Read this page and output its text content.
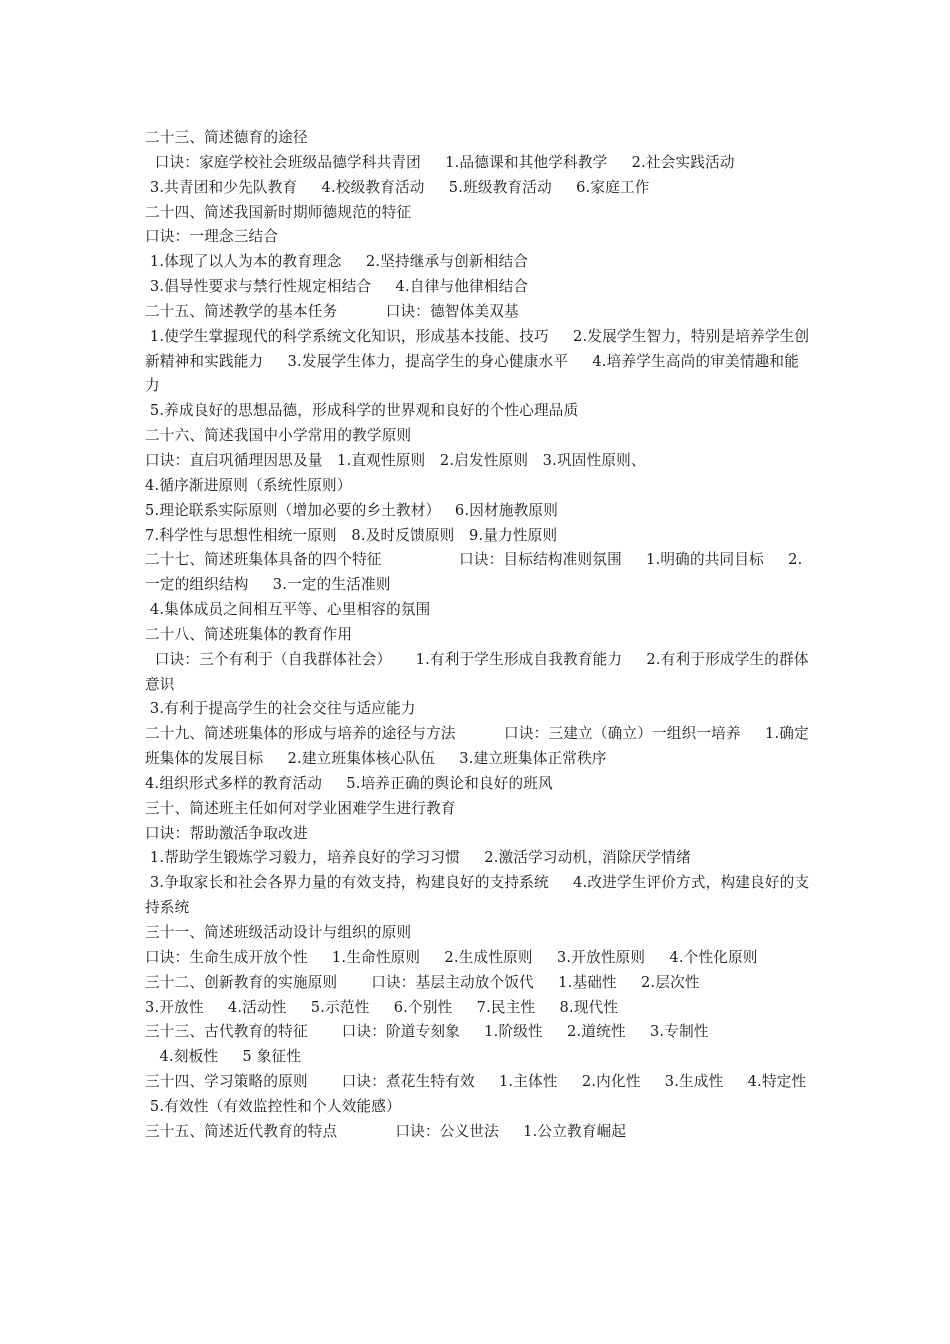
二十三、简述德育的途径

口诀：家庭学校社会班级品德学科共青团     1.品德课和其他学科教学     2.社会实践活动

3.共青团和少先队教育     4.校级教育活动     5.班级教育活动     6.家庭工作

二十四、简述我国新时期师德规范的特征

口诀：一理念三结合

1.体现了以人为本的教育理念     2.坚持继承与创新相结合

3.倡导性要求与禁行性规定相结合     4.自律与他律相结合

二十五、简述教学的基本任务          口诀：德智体美双基

1.使学生掌握现代的科学系统文化知识，形成基本技能、技巧     2.发展学生智力，特别是培养学生创新精神和实践能力     3.发展学生体力，提高学生的身心健康水平     4.培养学生高尚的审美情趣和能力

5.养成良好的思想品德，形成科学的世界观和良好的个性心理品质

二十六、简述我国中小学常用的教学原则

口诀：直启巩循理因思及量   1.直观性原则   2.启发性原则   3.巩固性原则、

4.循序渐进原则（系统性原则）

5.理论联系实际原则（增加必要的乡土教材）   6.因材施教原则

7.科学性与思想性相统一原则   8.及时反馈原则   9.量力性原则

二十七、简述班集体具备的四个特征                口诀：目标结构准则氛围     1.明确的共同目标     2.一定的组织结构     3.一定的生活准则

4.集体成员之间相互平等、心里相容的氛围

二十八、简述班集体的教育作用

口诀：三个有利于（自我群体社会）     1.有利于学生形成自我教育能力     2.有利于形成学生的群体意识

3.有利于提高学生的社会交往与适应能力

二十九、简述班集体的形成与培养的途径与方法          口诀：三建立（确立）一组织一培养     1.确定班集体的发展目标     2.建立班集体核心队伍     3.建立班集体正常秩序

4.组织形式多样的教育活动     5.培养正确的舆论和良好的班风

三十、简述班主任如何对学业困难学生进行教育

口诀：帮助激活争取改进

1.帮助学生锻炼学习毅力，培养良好的学习习惯     2.激活学习动机，消除厌学情绪

3.争取家长和社会各界力量的有效支持，构建良好的支持系统     4.改进学生评价方式，构建良好的支持系统

三十一、简述班级活动设计与组织的原则

口诀：生命生成开放个性     1.生命性原则     2.生成性原则     3.开放性原则     4.个性化原则

三十二、创新教育的实施原则       口诀：基层主动放个饭代     1.基础性     2.层次性

3.开放性     4.活动性     5.示范性     6.个别性     7.民主性     8.现代性

三十三、古代教育的特征       口诀：阶道专刻象     1.阶级性     2.道统性     3.专制性

4.刻板性     5 象征性

三十四、学习策略的原则       口诀：煮花生特有效     1.主体性     2.内化性     3.生成性     4.特定性

5.有效性（有效监控性和个人效能感）

三十五、简述近代教育的特点            口诀：公义世法     1.公立教育崛起
